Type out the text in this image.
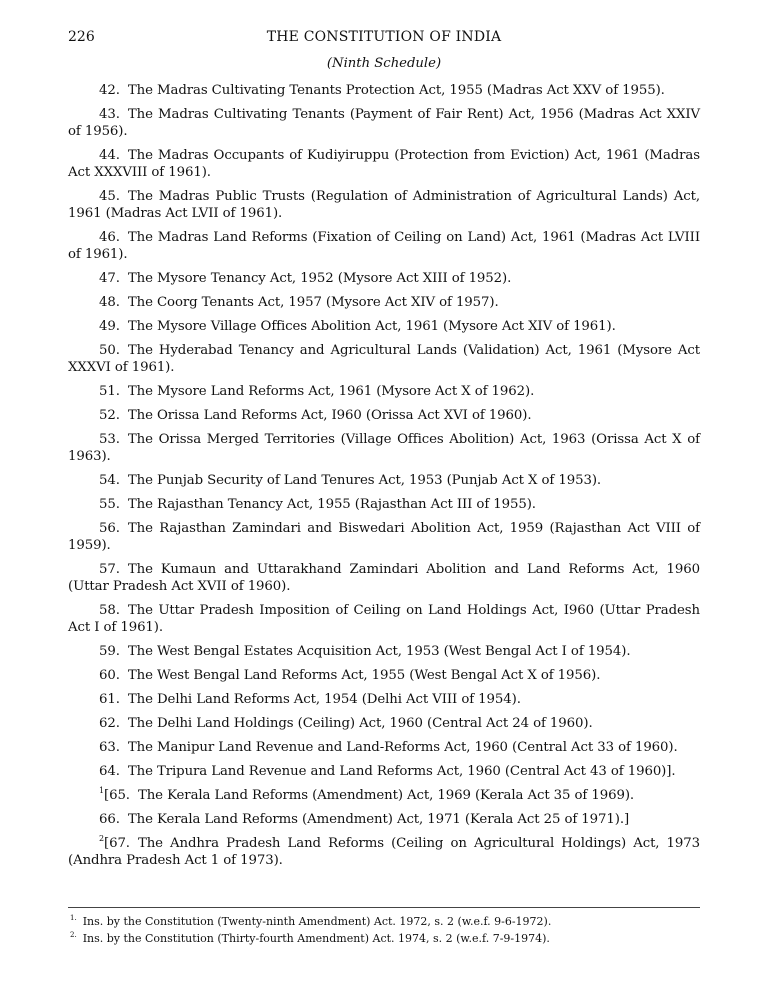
226	THE CONSTITUTION OF INDIA
(Ninth Schedule)

42. The Madras Cultivating Tenants Protection Act, 1955 (Madras Act XXV of 1955).

43. The Madras Cultivating Tenants (Payment of Fair Rent) Act, 1956 (Madras Act XXIV of 1956).

44. The Madras Occupants of Kudiyiruppu (Protection from Eviction) Act, 1961 (Madras Act XXXVIII of 1961).

45. The Madras Public Trusts (Regulation of Administration of Agricultural Lands) Act, 1961 (Madras Act LVII of 1961).

46. The Madras Land Reforms (Fixation of Ceiling on Land) Act, 1961 (Madras Act LVIII of 1961).

47. The Mysore Tenancy Act, 1952 (Mysore Act XIII of 1952).

48. The Coorg Tenants Act, 1957 (Mysore Act XIV of 1957).

49. The Mysore Village Offices Abolition Act, 1961 (Mysore Act XIV of 1961).

50. The Hyderabad Tenancy and Agricultural Lands (Validation) Act, 1961 (Mysore Act XXXVI of 1961).

51. The Mysore Land Reforms Act, 1961 (Mysore Act X of 1962).

52. The Orissa Land Reforms Act, I960 (Orissa Act XVI of 1960).

53. The Orissa Merged Territories (Village Offices Abolition) Act, 1963 (Orissa Act X of 1963).

54. The Punjab Security of Land Tenures Act, 1953 (Punjab Act X of 1953).

55. The Rajasthan Tenancy Act, 1955 (Rajasthan Act III of 1955).

56. The Rajasthan Zamindari and Biswedari Abolition Act, 1959 (Rajasthan Act VIII of 1959).

57. The Kumaun and Uttarakhand Zamindari Abolition and Land Reforms Act, 1960 (Uttar Pradesh Act XVII of 1960).

58. The Uttar Pradesh Imposition of Ceiling on Land Holdings Act, I960 (Uttar Pradesh Act I of 1961).

59. The West Bengal Estates Acquisition Act, 1953 (West Bengal Act I of 1954).

60. The West Bengal Land Reforms Act, 1955 (West Bengal Act X of 1956).

61. The Delhi Land Reforms Act, 1954 (Delhi Act VIII of 1954).

62. The Delhi Land Holdings (Ceiling) Act, 1960 (Central Act 24 of 1960).

63. The Manipur Land Revenue and Land-Reforms Act, 1960 (Central Act 33 of 1960).

64. The Tripura Land Revenue and Land Reforms Act, 1960 (Central Act 43 of 1960)].

$^1$[65. The Kerala Land Reforms (Amendment) Act, 1969 (Kerala Act 35 of 1969).

66. The Kerala Land Reforms (Amendment) Act, 1971 (Kerala Act 25 of 1971).]

$^2$[67. The Andhra Pradesh Land Reforms (Ceiling on Agricultural Holdings) Act, 1973 (Andhra Pradesh Act 1 of 1973).

$^{1.}$ Ins. by the Constitution (Twenty-ninth Amendment) Act. 1972, s. 2 (w.e.f. 9-6-1972).

$^{2.}$ Ins. by the Constitution (Thirty-fourth Amendment) Act. 1974, s. 2 (w.e.f. 7-9-1974).
